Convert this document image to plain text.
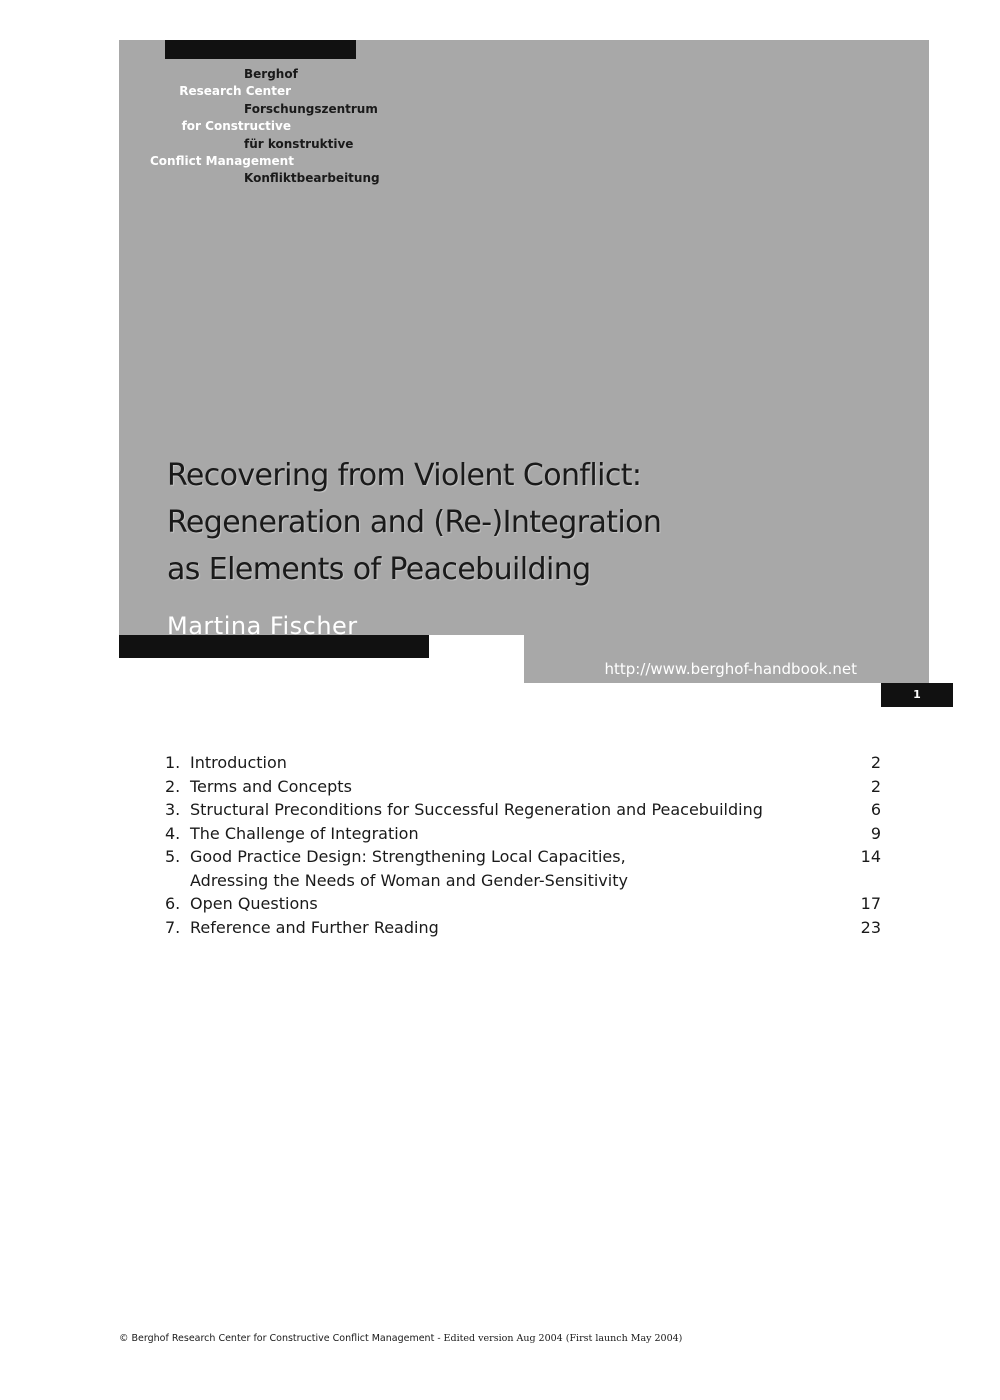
Berghof
Research Center
Forschungszentrum
for Constructive
für konstruktive
Conflict Management
Konfliktbearbeitung
Recovering from Violent Conflict:
Regeneration and (Re-)Integration
as Elements of Peacebuilding
Martina Fischer
http://www.berghof-handbook.net
1
1. Introduction	2
2. Terms and Concepts	2
3. Structural Preconditions for Successful Regeneration and Peacebuilding	6
4. The Challenge of Integration	9
5. Good Practice Design: Strengthening Local Capacities,	14
Adressing the Needs of Woman and Gender-Sensitivity
6. Open Questions	17
7. Reference and Further Reading	23
© Berghof Research Center for Constructive Conflict Management - Edited version Aug 2004 (First launch May 2004)
